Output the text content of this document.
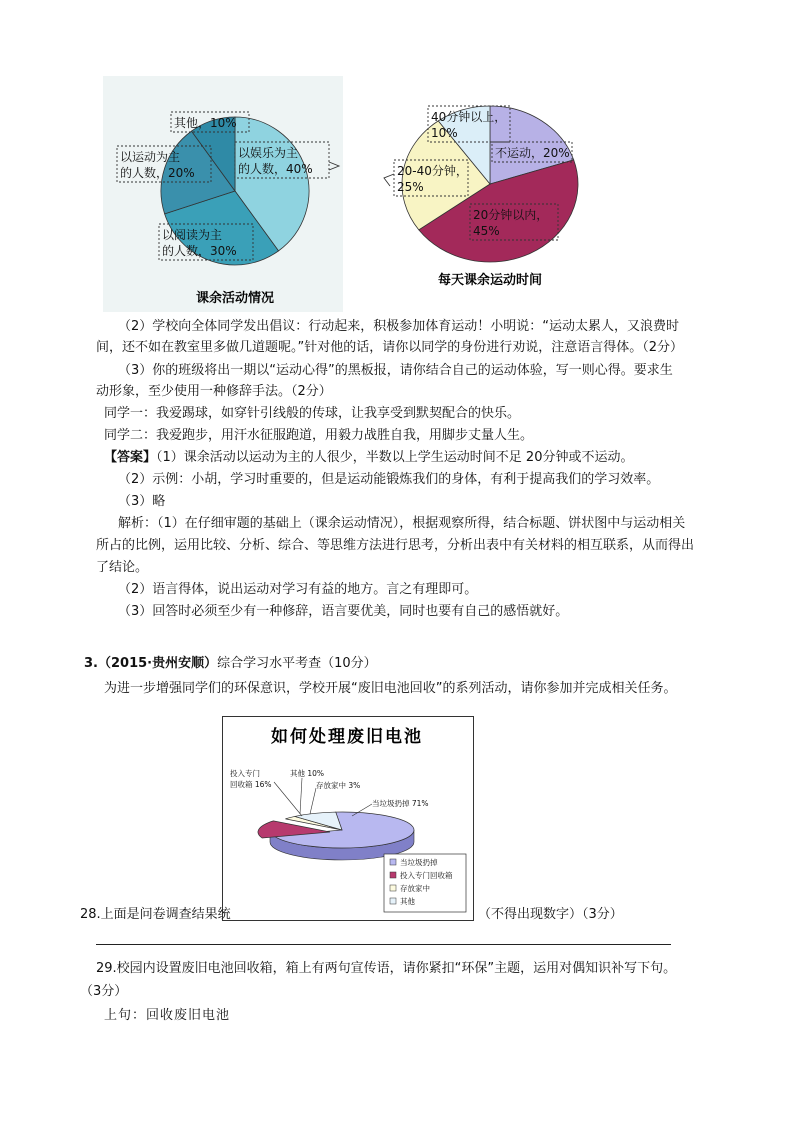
以娱乐为主
的人数，40%
以阅读为主
的人数，30%
以运动为主
的人数，20%
其他，10%
课余活动情况
不运动，20%
20分钟以内，
45%
20-40分钟，
25%
40分钟以上，
10%
每天课余运动时间
（2）学校向全体同学发出倡议：行动起来，积极参加体育运动！小明说：“运动太累人，又浪费时
间，还不如在教室里多做几道题呢。”针对他的话，请你以同学的身份进行劝说，注意语言得体。（2分）
（3）你的班级将出一期以“运动心得”的黑板报，请你结合自己的运动体验，写一则心得。要求生
动形象，至少使用一种修辞手法。（2分）
同学一：我爱踢球，如穿针引线般的传球，让我享受到默契配合的快乐。
同学二：我爱跑步，用汗水征服跑道，用毅力战胜自我，用脚步丈量人生。
【答案】（1）课余活动以运动为主的人很少，半数以上学生运动时间不足 20分钟或不运动。
（2）示例：小胡，学习时重要的，但是运动能锻炼我们的身体，有利于提高我们的学习效率。
（3）略
解析：（1）在仔细审题的基础上（课余运动情况），根据观察所得，结合标题、饼状图中与运动相关
所占的比例，运用比较、分析、综合、等思维方法进行思考，分析出表中有关材料的相互联系，从而得出
了结论。
（2）语言得体，说出运动对学习有益的地方。言之有理即可。
（3）回答时必须至少有一种修辞，语言要优美，同时也要有自己的感悟就好。
3.（2015·贵州安顺）综合学习水平考查（10分）
为进一步增强同学们的环保意识，学校开展“废旧电池回收”的系列活动，请你参加并完成相关任务。
如何处理废旧电池
当垃圾扔掉 71%
投入专门
回收箱 16%	存放家中 3%
其他 10%
当垃圾扔掉
投入专门回收箱
存放家中
其他
28.上面是问卷调查结果统	（不得出现数字）（3分）
29.校园内设置废旧电池回收箱，箱上有两句宣传语，请你紧扣“环保”主题，运用对偶知识补写下句。
（3分）
上句：回收废旧电池
